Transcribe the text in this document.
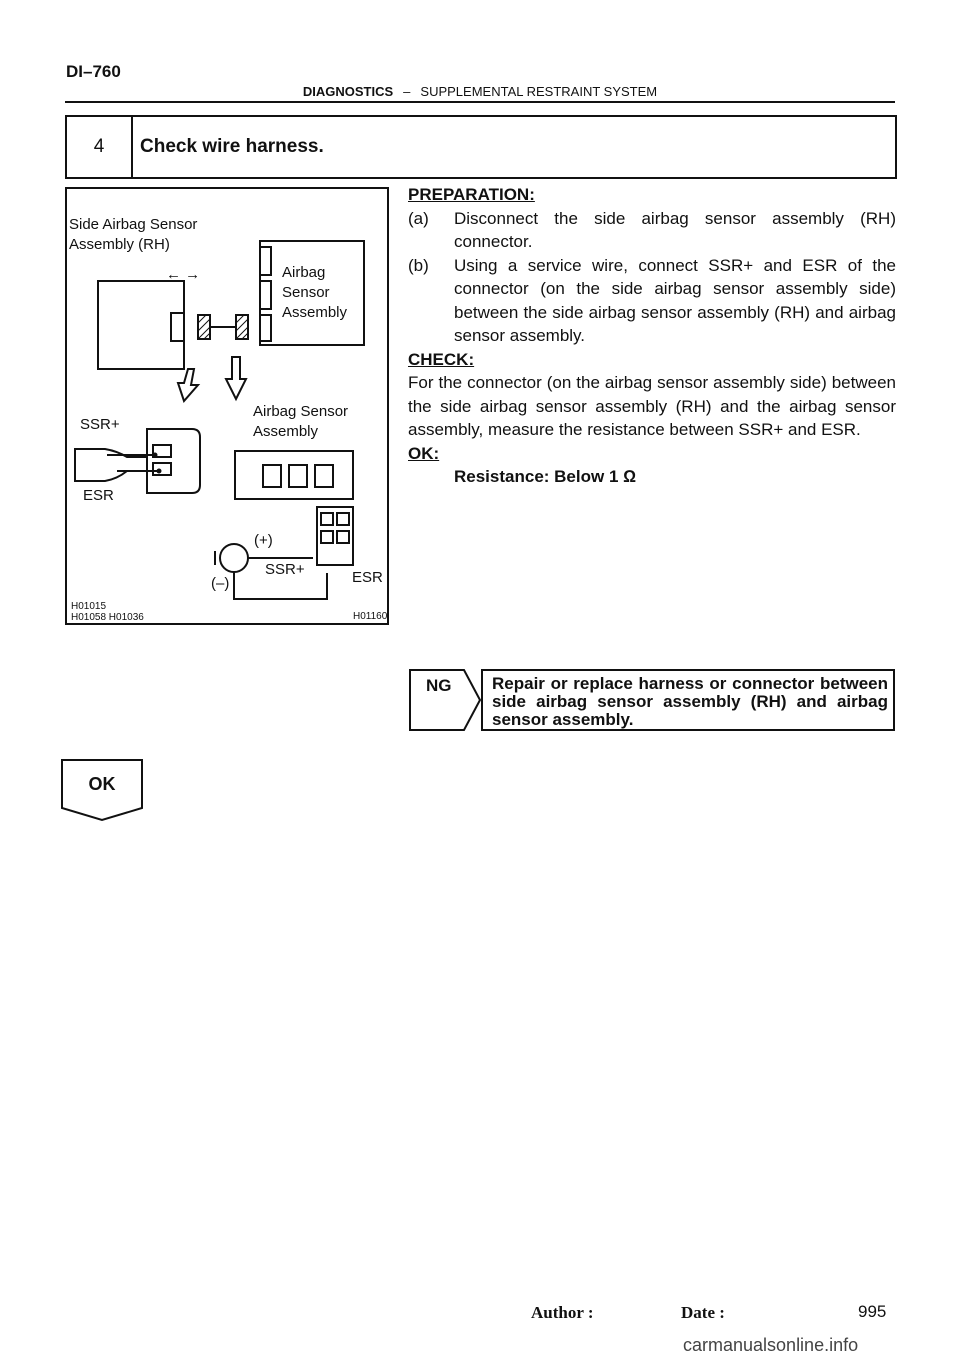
DI–760
DIAGNOSTICS – SUPPLEMENTAL RESTRAINT SYSTEM
4	Check wire harness.
Side Airbag Sensor
Assembly (RH)
← →	Airbag
Sensor
Assembly
SSR+
ESR
Airbag Sensor
Assembly
(+)
(–)
SSR+	ESR
H01015
H01058 H01036	H01160
PREPARATION:
(a)	Disconnect the side airbag sensor assembly (RH) connector.
(b)	Using a service wire, connect SSR+ and ESR of the connector (on the side airbag sensor assembly side) between the side airbag sensor assembly (RH) and airbag sensor assembly.
CHECK:
For the connector (on the airbag sensor assembly side) between the side airbag sensor assembly (RH) and the airbag sensor assembly, measure the resistance between SSR+ and ESR.
OK:
Resistance: Below 1 Ω
NG Repair or replace harness or connector between side airbag sensor assembly (RH) and airbag sensor assembly.
OK
Author :	Date :	995
carmanualsonline.info
